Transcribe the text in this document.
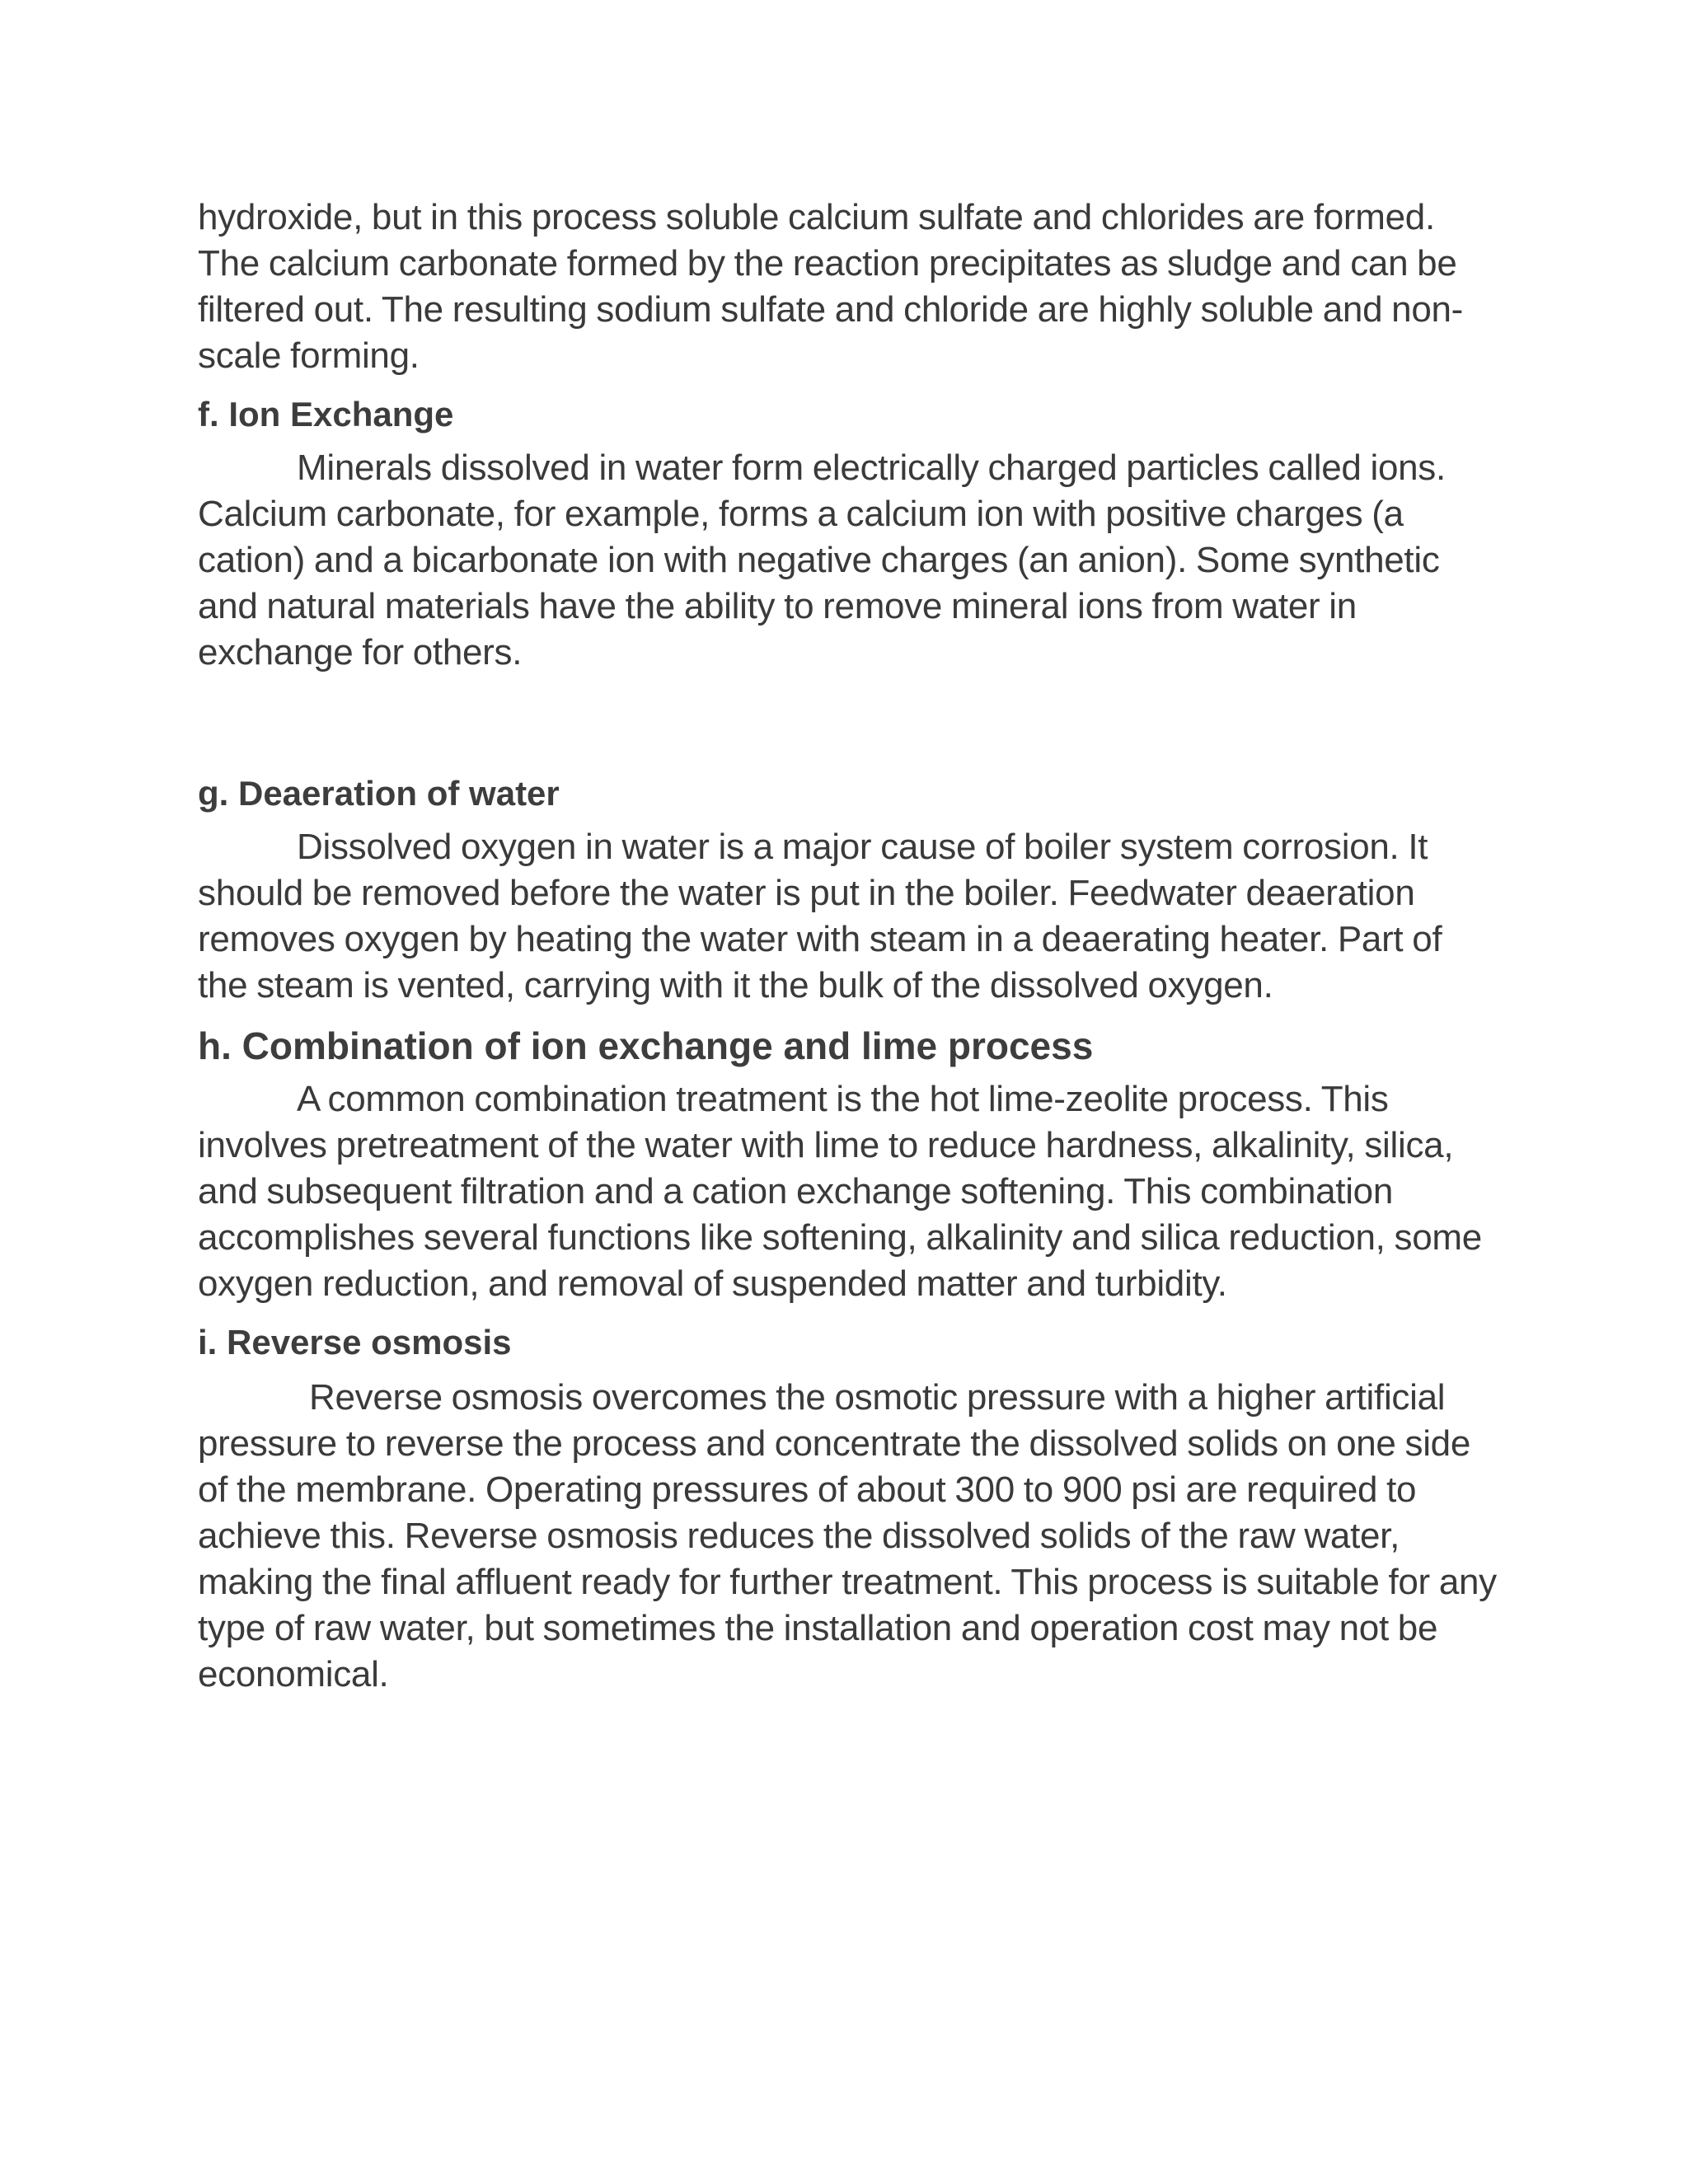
hydroxide, but in this process soluble calcium sulfate and chlorides are formed.  The calcium carbonate formed by the reaction precipitates as sludge and can be filtered out. The resulting sodium sulfate and chloride are highly soluble and non-scale forming.

f. Ion Exchange

Minerals dissolved in water form electrically charged particles called ions. Calcium carbonate, for example, forms a calcium ion with positive charges (a cation) and a bicarbonate ion with negative charges (an anion). Some synthetic and natural materials have the ability to remove mineral ions from water in exchange for others.

g. Deaeration of water

Dissolved oxygen in water is a major cause of boiler system corrosion. It should be removed before the water is put in the boiler. Feedwater deaeration removes oxygen by heating the water with steam in a deaerating heater. Part of the steam is vented, carrying with it the bulk of the dissolved oxygen.

h. Combination of ion exchange and lime process

A common combination treatment is the hot lime-zeolite process. This involves pretreatment of the water with lime to reduce hardness, alkalinity, silica, and subsequent filtration and a cation exchange softening. This combination accomplishes several functions like softening, alkalinity and silica reduction, some oxygen reduction, and removal of suspended matter and turbidity.

i. Reverse osmosis

Reverse osmosis overcomes the osmotic pressure with a higher artificial pressure to reverse the process and concentrate the dissolved solids on one side of the membrane. Operating pressures of about 300 to 900 psi are required to achieve this. Reverse osmosis reduces the dissolved solids of the raw water, making the final affluent ready for further treatment. This process is suitable for any type of raw water, but sometimes the installation and operation cost may not be economical.
